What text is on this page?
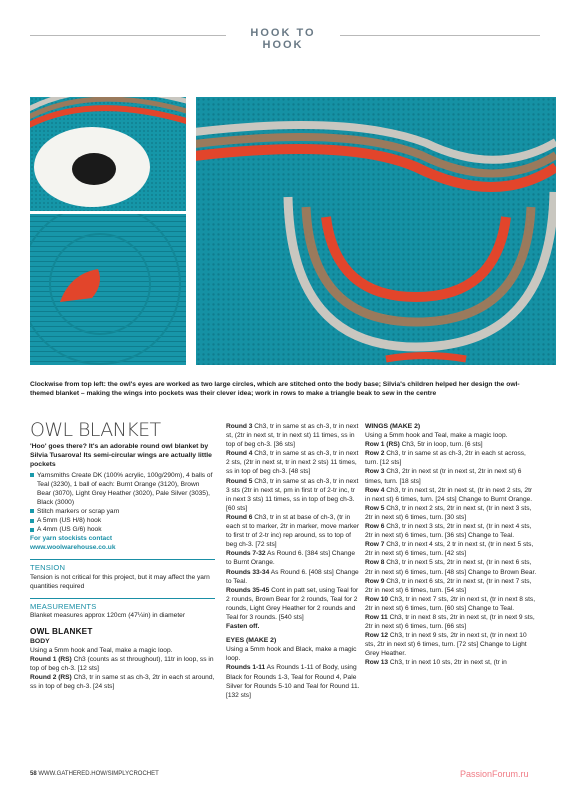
HOOK TO HOOK

Clockwise from top left: the owl's eyes are worked as two large circles, which are stitched onto the body base; Silvia's children helped her design the owl-themed blanket – making the wings into pockets was their clever idea; work in rows to make a triangle beak to sew in the centre

OWL BLANKET

'Hoo' goes there? It's an adorable round owl blanket by Silvia Tusarova! Its semi-circular wings are actually little pockets

Yarnsmiths Create DK (100% acrylic, 100g/290m), 4 balls of Teal (3230), 1 ball of each: Burnt Orange (3120), Brown Bear (3070), Light Grey Heather (3020), Pale Silver (3035), Black (3000)
Stitch markers or scrap yarn
A 5mm (US H/8) hook
A 4mm (US G/6) hook

For yarn stockists contact

www.woolwarehouse.co.uk

TENSION

Tension is not critical for this project, but it may affect the yarn quantities required

MEASUREMENTS

Blanket measures approx 120cm (47¼in) in diameter

OWL BLANKET
BODY

Using a 5mm hook and Teal, make a magic loop.

Round 1 (RS) Ch3 (counts as st throughout), 11tr in loop, ss in top of beg ch-3. [12 sts]

Round 2 (RS) Ch3, tr in same st as ch-3, 2tr in each st around, ss in top of beg ch-3. [24 sts]

Round 3 Ch3, tr in same st as ch-3, tr in next st, (2tr in next st, tr in next st) 11 times, ss in top of beg ch-3. [36 sts]

Round 4 Ch3, tr in same st as ch-3, tr in next 2 sts, (2tr in next st, tr in next 2 sts) 11 times, ss in top of beg ch-3. [48 sts]

Round 5 Ch3, tr in same st as ch-3, tr in next 3 sts (2tr in next st, pm in first tr of 2-tr inc, tr in next 3 sts) 11 times, ss in top of beg ch-3. [60 sts]

Round 6 Ch3, tr in st at base of ch-3, (tr in each st to marker, 2tr in marker, move marker to first tr of 2-tr inc) rep around, ss to top of beg ch-3. [72 sts]

Rounds 7-32 As Round 6. [384 sts] Change to Burnt Orange.

Rounds 33-34 As Round 6. [408 sts] Change to Teal.

Rounds 35-45 Cont in patt set, using Teal for 2 rounds, Brown Bear for 2 rounds, Teal for 2 rounds, Light Grey Heather for 2 rounds and Teal for 3 rounds. [540 sts]

Fasten off.

EYES (MAKE 2)

Using a 5mm hook and Black, make a magic loop.

Rounds 1-11 As Rounds 1-11 of Body, using Black for Rounds 1-3, Teal for Round 4, Pale Silver for Rounds 5-10 and Teal for Round 11. [132 sts]

WINGS (MAKE 2)

Using a 5mm hook and Teal, make a magic loop.

Row 1 (RS) Ch3, 5tr in loop, turn. [6 sts]

Row 2 Ch3, tr in same st as ch-3, 2tr in each st across, turn. [12 sts]

Row 3 Ch3, 2tr in next st (tr in next st, 2tr in next st) 6 times, turn. [18 sts]

Row 4 Ch3, tr in next st, 2tr in next st, (tr in next 2 sts, 2tr in next st) 6 times, turn. [24 sts] Change to Burnt Orange.

Row 5 Ch3, tr in next 2 sts, 2tr in next st, (tr in next 3 sts, 2tr in next st) 6 times, turn. [30 sts]

Row 6 Ch3, tr in next 3 sts, 2tr in next st, (tr in next 4 sts, 2tr in next st) 6 times, turn. [36 sts] Change to Teal.

Row 7 Ch3, tr in next 4 sts, 2 tr in next st, (tr in next 5 sts, 2tr in next st) 6 times, turn. [42 sts]

Row 8 Ch3, tr in next 5 sts, 2tr in next st, (tr in next 6 sts, 2tr in next st) 6 times, turn. [48 sts] Change to Brown Bear.

Row 9 Ch3, tr in next 6 sts, 2tr in next st, (tr in next 7 sts, 2tr in next st) 6 times, turn. [54 sts]

Row 10 Ch3, tr in next 7 sts, 2tr in next st, (tr in next 8 sts, 2tr in next st) 6 times, turn. [60 sts] Change to Teal.

Row 11 Ch3, tr in next 8 sts, 2tr in next st, (tr in next 9 sts, 2tr in next st) 6 times, turn. [66 sts]

Row 12 Ch3, tr in next 9 sts, 2tr in next st, (tr in next 10 sts, 2tr in next st) 6 times, turn. [72 sts] Change to Light Grey Heather.

Row 13 Ch3, tr in next 10 sts, 2tr in next st, (tr in

58 WWW.GATHERED.HOW/SIMPLYCROCHET	PassionForum.ru
